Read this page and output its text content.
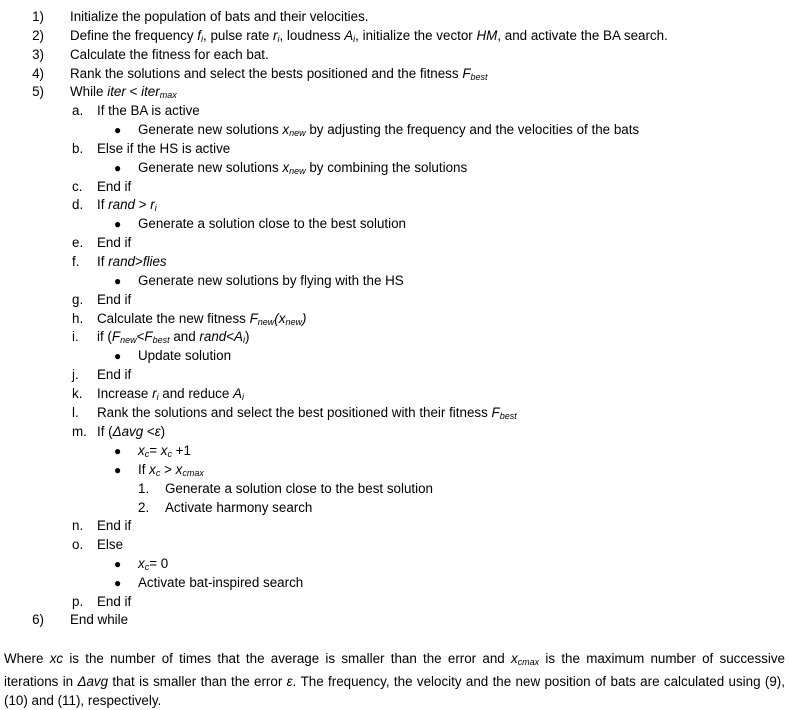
1) Initialize the population of bats and their velocities.
2) Define the frequency $f_i$, pulse rate $r_i$, loudness $A_i$, initialize the vector HM, and activate the BA search.
3) Calculate the fitness for each bat.
4) Rank the solutions and select the bests positioned and the fitness $F_{best}$
5) While iter < iter$_{max}$
a. If the BA is active
● Generate new solutions $x_{new}$ by adjusting the frequency and the velocities of the bats
b. Else if the HS is active
● Generate new solutions $x_{new}$ by combining the solutions
c. End if
d. If rand > $r_i$
● Generate a solution close to the best solution
e. End if
f. If rand>flies
● Generate new solutions by flying with the HS
g. End if
h. Calculate the new fitness $F_{new}(x_{new})$
i. if ($F_{new}<F_{best}$ and $rand<A_i$)
● Update solution
j. End if
k. Increase $r_i$ and reduce $A_i$
l. Rank the solutions and select the best positioned with their fitness $F_{best}$
m. If (Δavg <ε)
● $x_c= x_c +1$
● If $x_c > x_{cmax}$
1. Generate a solution close to the best solution
2. Activate harmony search
n. End if
o. Else
● $x_c= 0$
● Activate bat-inspired search
p. End if
6) End while
Where xc is the number of times that the average is smaller than the error and $x_{cmax}$ is the maximum number of successive iterations in Δavg that is smaller than the error ε. The frequency, the velocity and the new position of bats are calculated using (9), (10) and (11), respectively.
